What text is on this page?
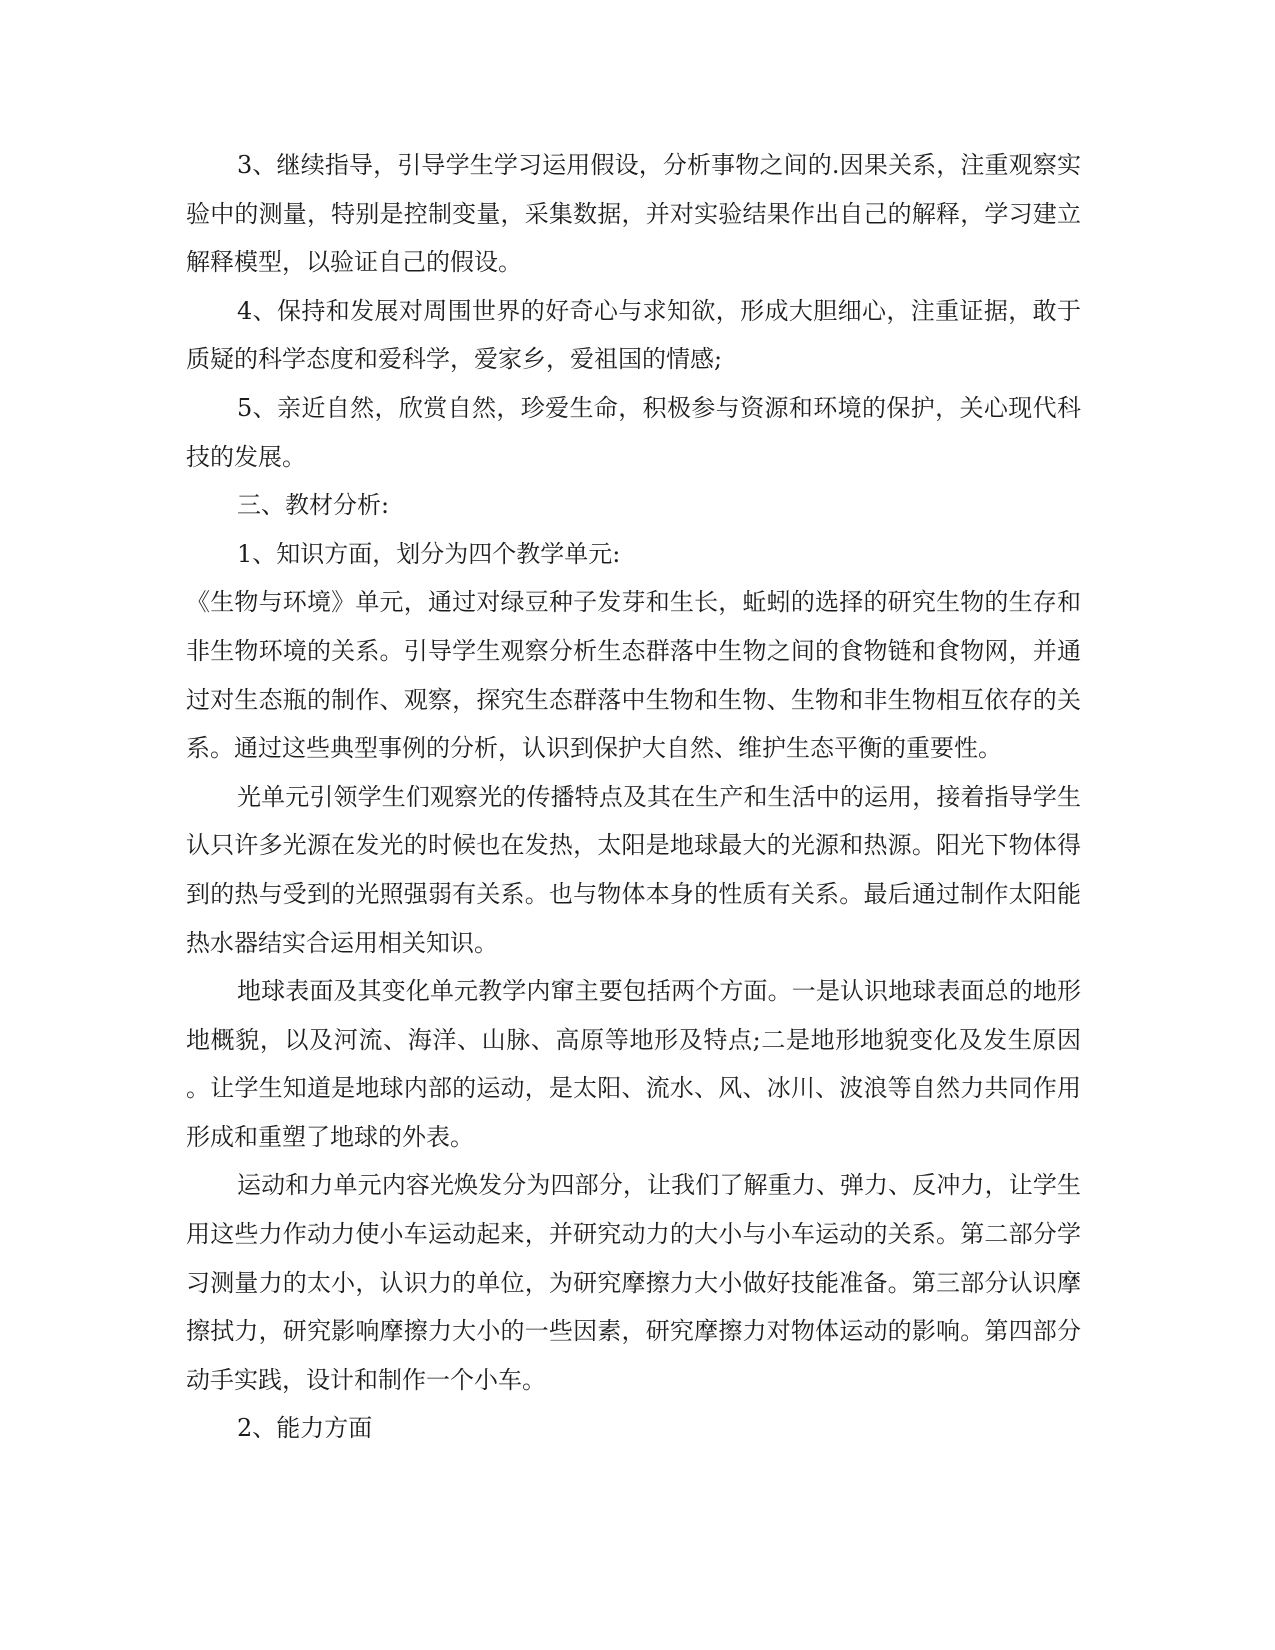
3、继续指导，引导学生学习运用假设，分析事物之间的.因果关系，注重观察实验中的测量，特别是控制变量，采集数据，并对实验结果作出自己的解释，学习建立解释模型，以验证自己的假设。

4、保持和发展对周围世界的好奇心与求知欲，形成大胆细心，注重证据，敢于质疑的科学态度和爱科学，爱家乡，爱祖国的情感;

5、亲近自然，欣赏自然，珍爱生命，积极参与资源和环境的保护，关心现代科技的发展。

三、教材分析:

1、知识方面，划分为四个教学单元:

《生物与环境》单元，通过对绿豆种子发芽和生长，蚯蚓的选择的研究生物的生存和非生物环境的关系。引导学生观察分析生态群落中生物之间的食物链和食物网，并通过对生态瓶的制作、观察，探究生态群落中生物和生物、生物和非生物相互依存的关系。通过这些典型事例的分析，认识到保护大自然、维护生态平衡的重要性。

光单元引领学生们观察光的传播特点及其在生产和生活中的运用，接着指导学生认只许多光源在发光的时候也在发热，太阳是地球最大的光源和热源。阳光下物体得到的热与受到的光照强弱有关系。也与物体本身的性质有关系。最后通过制作太阳能热水器结实合运用相关知识。

地球表面及其变化单元教学内窜主要包括两个方面。一是认识地球表面总的地形地概貌，以及河流、海洋、山脉、高原等地形及特点;二是地形地貌变化及发生原因。让学生知道是地球内部的运动，是太阳、流水、风、冰川、波浪等自然力共同作用形成和重塑了地球的外表。

运动和力单元内容光焕发分为四部分，让我们了解重力、弹力、反冲力，让学生用这些力作动力使小车运动起来，并研究动力的大小与小车运动的关系。第二部分学习测量力的太小，认识力的单位，为研究摩擦力大小做好技能准备。第三部分认识摩擦拭力，研究影响摩擦力大小的一些因素，研究摩擦力对物体运动的影响。第四部分动手实践，设计和制作一个小车。

2、能力方面
